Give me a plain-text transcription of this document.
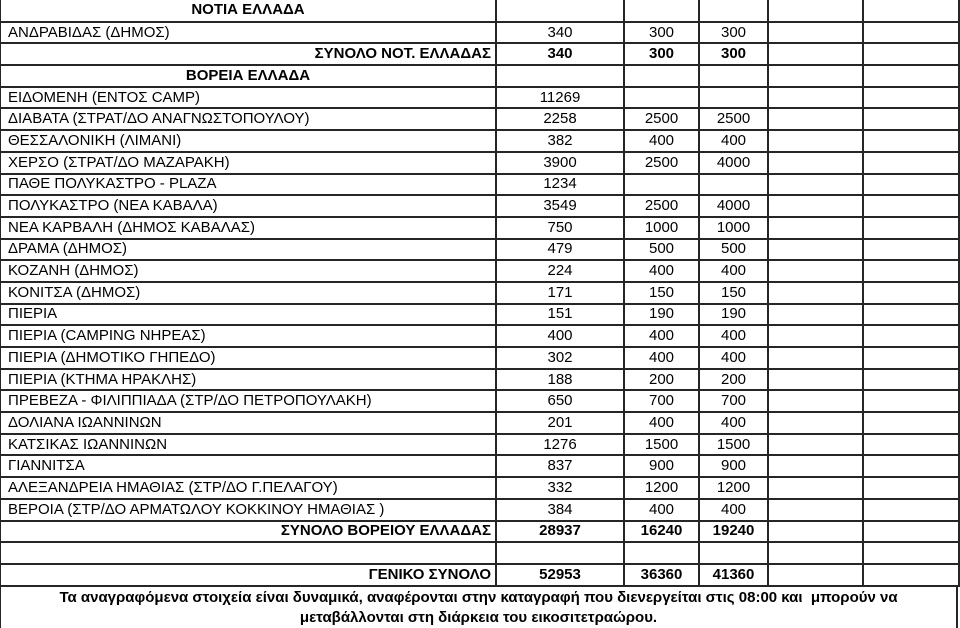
ΝΟΤΙΑ ΕΛΛΑΔΑ					
ΑΝΔΡΑΒΙΔΑΣ (ΔΗΜΟΣ)	340	300	300		
ΣΥΝΟΛΟ ΝΟΤ. ΕΛΛΑΔΑΣ	340	300	300		
ΒΟΡΕΙΑ ΕΛΛΑΔΑ					
ΕΙΔΟΜΕΝΗ (ΕΝΤΟΣ CAMP)	11269				
ΔΙΑΒΑΤΑ (ΣΤΡΑΤ/ΔΟ ΑΝΑΓΝΩΣΤΟΠΟΥΛΟΥ)	2258	2500	2500		
ΘΕΣΣΑΛΟΝΙΚΗ (ΛΙΜΑΝΙ)	382	400	400		
ΧΕΡΣΟ (ΣΤΡΑΤ/ΔΟ ΜΑΖΑΡΑΚΗ)	3900	2500	4000		
ΠΑΘΕ ΠΟΛΥΚΑΣΤΡΟ - PLAZA	1234				
ΠΟΛΥΚΑΣΤΡΟ (ΝΕΑ ΚΑΒΑΛΑ)	3549	2500	4000		
ΝΕΑ ΚΑΡΒΑΛΗ (ΔΗΜΟΣ ΚΑΒΑΛΑΣ)	750	1000	1000		
ΔΡΑΜΑ (ΔΗΜΟΣ)	479	500	500		
ΚΟΖΑΝΗ (ΔΗΜΟΣ)	224	400	400		
ΚΟΝΙΤΣΑ (ΔΗΜΟΣ)	171	150	150		
ΠΙΕΡΙΑ	151	190	190		
ΠΙΕΡΙΑ (CAMPING ΝΗΡΕΑΣ)	400	400	400		
ΠΙΕΡΙΑ (ΔΗΜΟΤΙΚΟ ΓΗΠΕΔΟ)	302	400	400		
ΠΙΕΡΙΑ (ΚΤΗΜΑ ΗΡΑΚΛΗΣ)	188	200	200		
ΠΡΕΒΕΖΑ - ΦΙΛΙΠΠΙΑΔΑ (ΣΤΡ/ΔΟ ΠΕΤΡΟΠΟΥΛΑΚΗ)	650	700	700		
ΔΟΛΙΑΝΑ ΙΩΑΝΝΙΝΩΝ	201	400	400		
ΚΑΤΣΙΚΑΣ ΙΩΑΝΝΙΝΩΝ	1276	1500	1500		
ΓΙΑΝΝΙΤΣΑ	837	900	900		
ΑΛΕΞΑΝΔΡΕΙΑ ΗΜΑΘΙΑΣ (ΣΤΡ/ΔΟ Γ.ΠΕΛΑΓΟΥ)	332	1200	1200		
ΒΕΡΟΙΑ (ΣΤΡ/ΔΟ ΑΡΜΑΤΩΛΟΥ ΚΟΚΚΙΝΟΥ ΗΜΑΘΙΑΣ )	384	400	400		
ΣΥΝΟΛΟ ΒΟΡΕΙΟΥ ΕΛΛΑΔΑΣ	28937	16240	19240		

ΓΕΝΙΚΟ ΣΥΝΟΛΟ	52953	36360	41360		
Τα αναγραφόμενα στοιχεία είναι δυναμικά, αναφέρονται στην καταγραφή που διενεργείται στις 08:00 και  μπορούν να
μεταβάλλονται στη διάρκεια του εικοσιτετραώρου.
